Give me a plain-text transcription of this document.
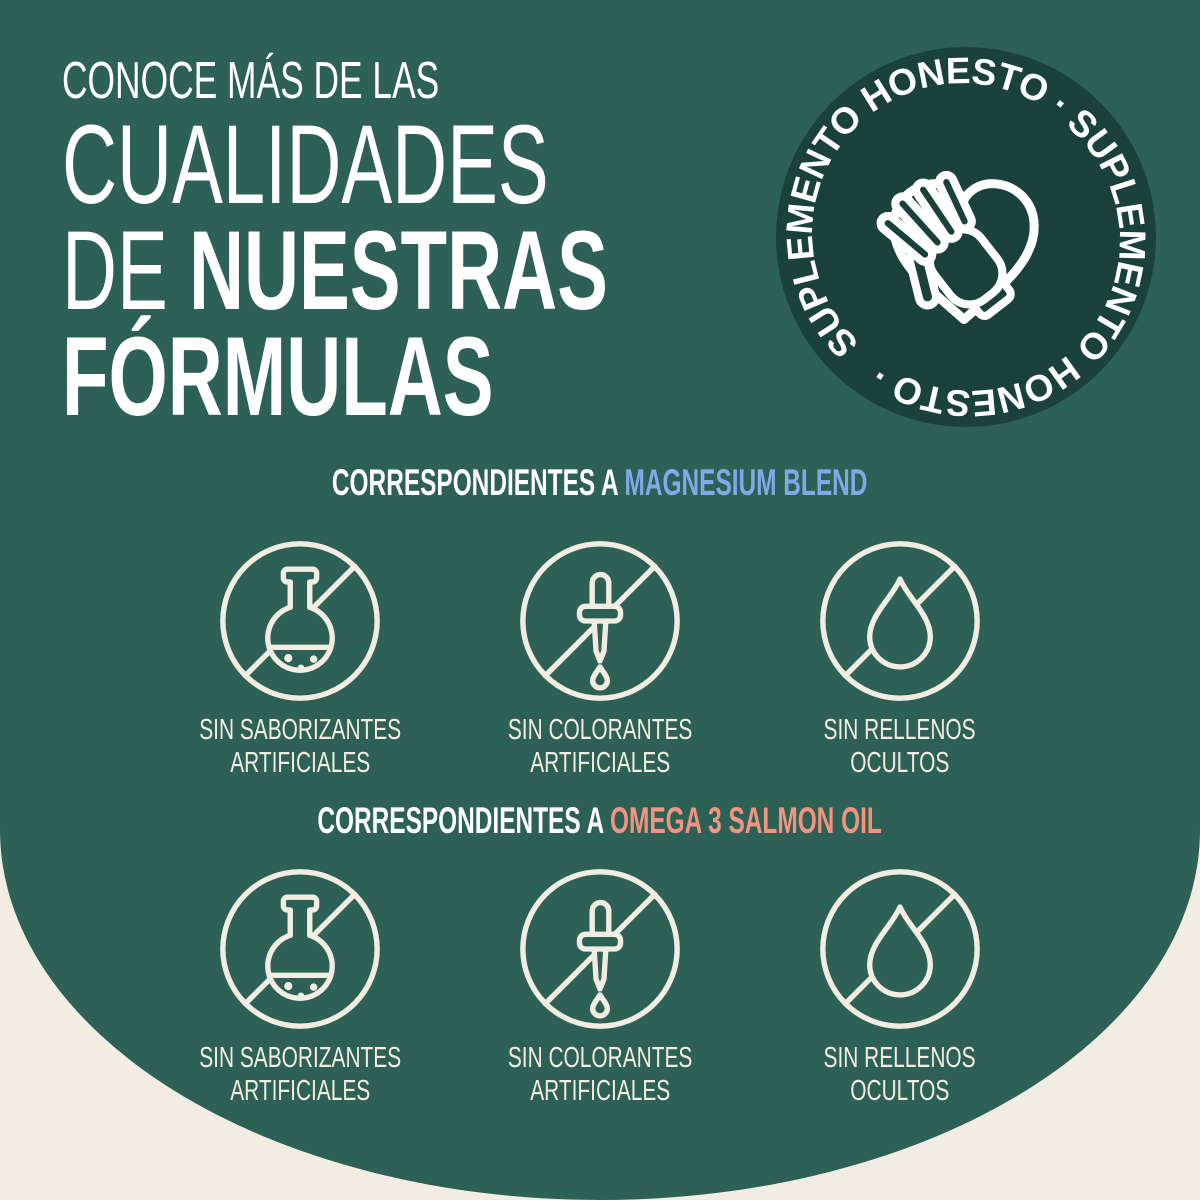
CONOCE MÁS DE LAS
CUALIDADES
DE NUESTRAS
FÓRMULAS	SUPLEMENTO HONESTO · SUPLEMENTO HONESTO ·
CORRESPONDIENTES A MAGNESIUM BLEND
SIN SABORIZANTES
ARTIFICIALES
SIN COLORANTES
ARTIFICIALES
SIN RELLENOS
OCULTOS
CORRESPONDIENTES A OMEGA 3 SALMON OIL
SIN SABORIZANTES
ARTIFICIALES
SIN COLORANTES
ARTIFICIALES
SIN RELLENOS
OCULTOS
